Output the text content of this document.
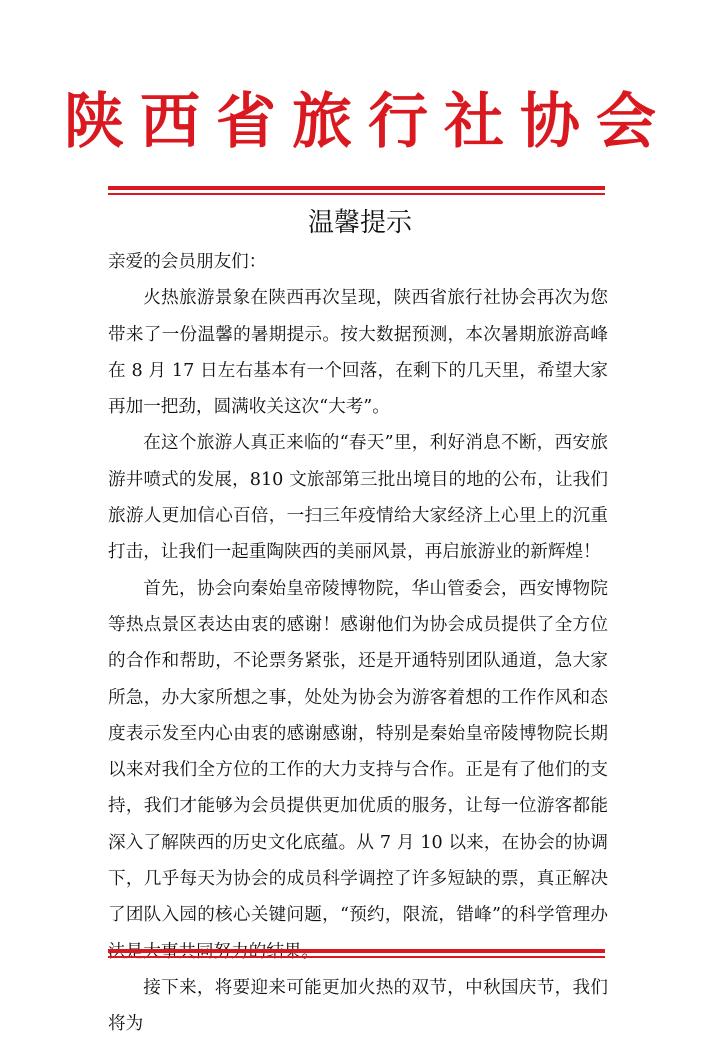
陕西省旅行社协会
温馨提示

亲爱的会员朋友们：

火热旅游景象在陕西再次呈现，陕西省旅行社协会再次为您带来了一份温馨的暑期提示。按大数据预测，本次暑期旅游高峰在 8 月 17 日左右基本有一个回落，在剩下的几天里，希望大家再加一把劲，圆满收关这次“大考”。

在这个旅游人真正来临的“春天”里，利好消息不断，西安旅游井喷式的发展，810 文旅部第三批出境目的地的公布，让我们旅游人更加信心百倍，一扫三年疫情给大家经济上心里上的沉重打击，让我们一起重陶陕西的美丽风景，再启旅游业的新辉煌！

首先，协会向秦始皇帝陵博物院，华山管委会，西安博物院等热点景区表达由衷的感谢！感谢他们为协会成员提供了全方位的合作和帮助，不论票务紧张，还是开通特别团队通道，急大家所急，办大家所想之事，处处为协会为游客着想的工作作风和态度表示发至内心由衷的感谢感谢，特别是秦始皇帝陵博物院长期以来对我们全方位的工作的大力支持与合作。正是有了他们的支持，我们才能够为会员提供更加优质的服务，让每一位游客都能深入了解陕西的历史文化底蕴。从 7 月 10 以来，在协会的协调下，几乎每天为协会的成员科学调控了许多短缺的票，真正解决了团队入园的核心关键问题，“预约，限流，错峰”的科学管理办

接下来，将要迎来可能更加火热的双节，中秋国庆节，我们将为
